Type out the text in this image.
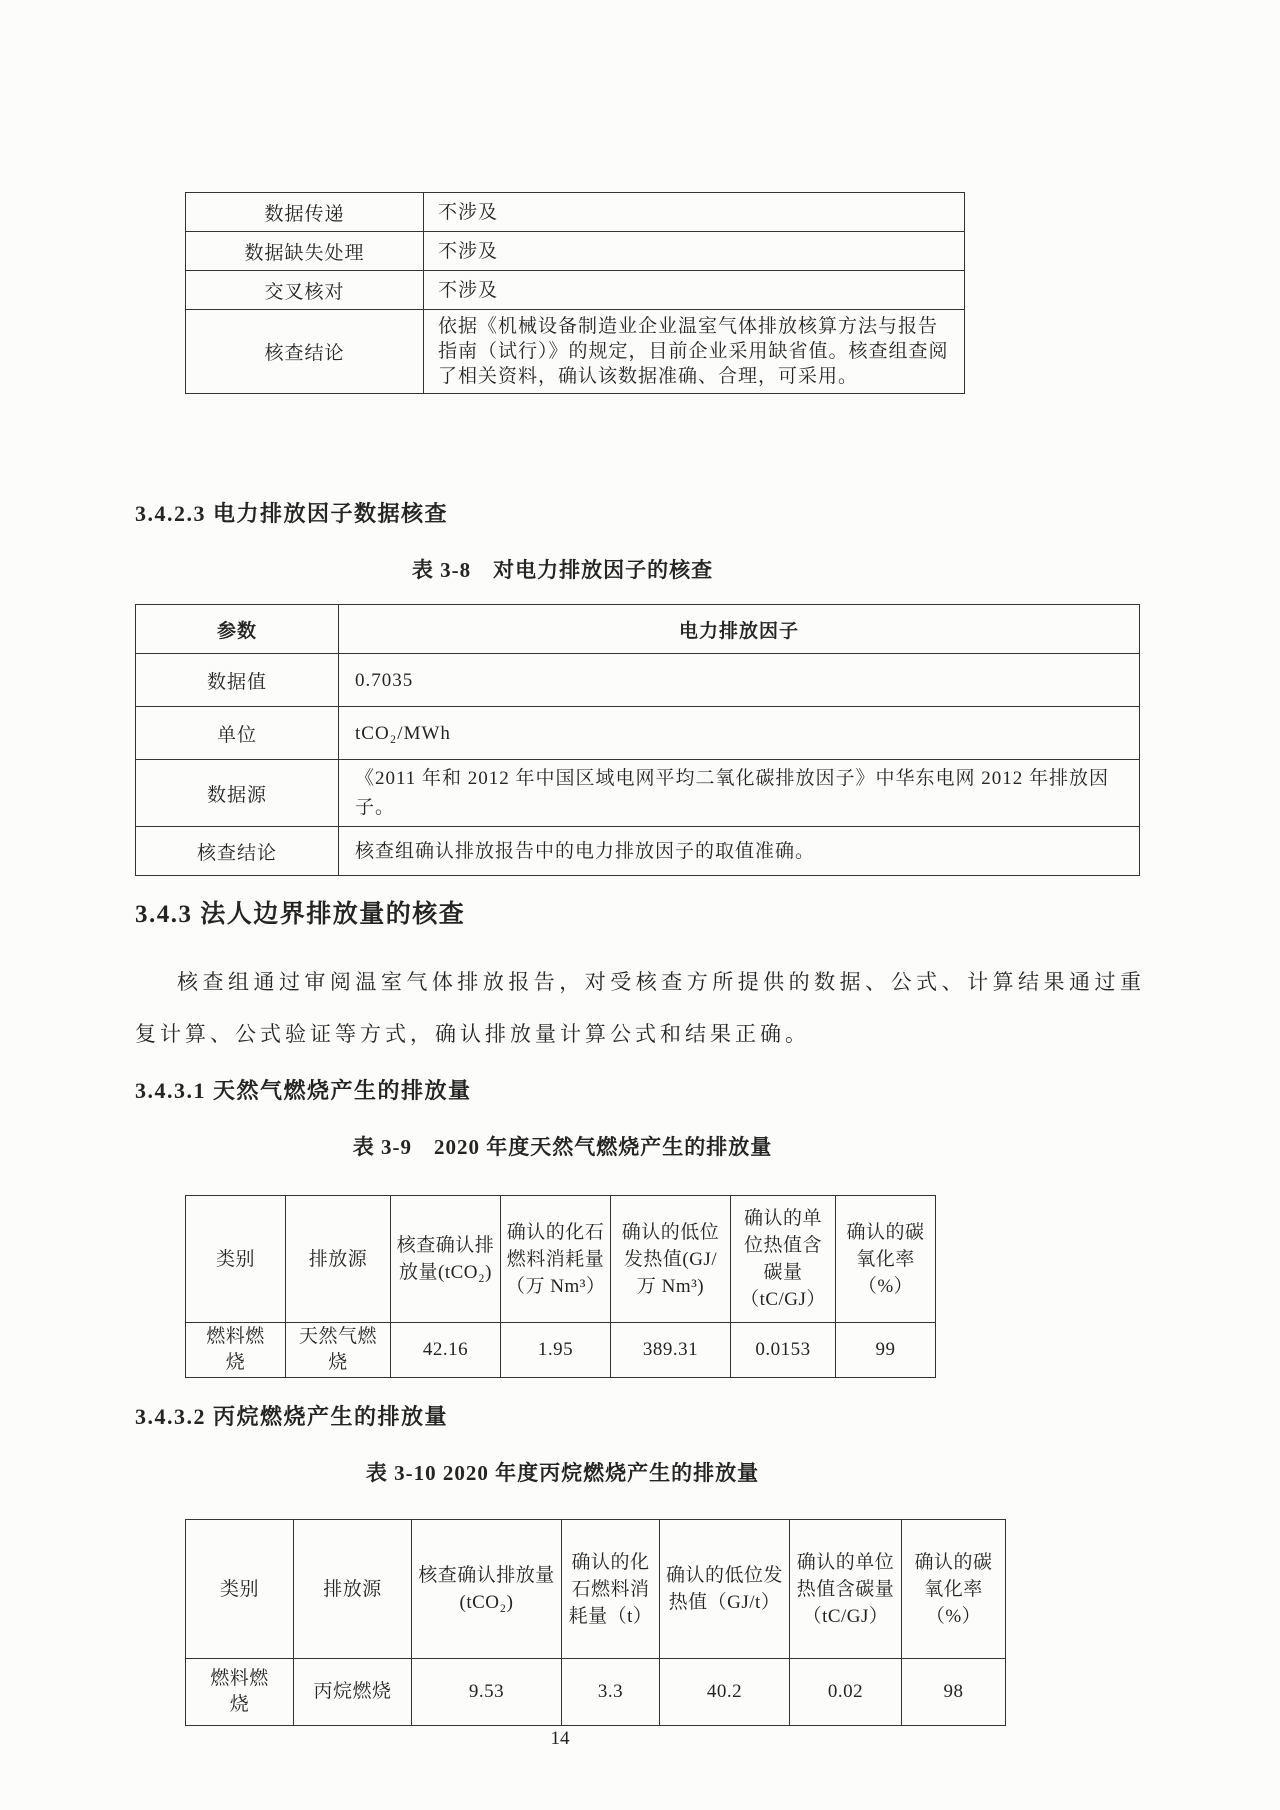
数据传递	不涉及
数据缺失处理	不涉及
交叉核对	不涉及
核查结论	依据《机械设备制造业企业温室气体排放核算方法与报告指南（试行）》的规定，目前企业采用缺省值。核查组查阅了相关资料，确认该数据准确、合理，可采用。
3.4.2.3 电力排放因子数据核查
表 3-8　对电力排放因子的核查
参数	电力排放因子
数据值	0.7035
单位	tCO₂/MWh
数据源	《2011 年和 2012 年中国区域电网平均二氧化碳排放因子》中华东电网 2012 年排放因子。
核查结论	核查组确认排放报告中的电力排放因子的取值准确。
3.4.3 法人边界排放量的核查

核查组通过审阅温室气体排放报告，对受核查方所提供的数据、公式、计算结果通过重复计算、公式验证等方式，确认排放量计算公式和结果正确。

3.4.3.1 天然气燃烧产生的排放量
表 3-9　2020 年度天然气燃烧产生的排放量
类别	排放源	核查确认排放量(tCO₂)	确认的化石燃料消耗量（万 Nm³）	确认的低位发热值(GJ/万 Nm³)	确认的单位热值含碳量（tC/GJ）	确认的碳氧化率（%）
燃料燃烧	天然气燃烧	42.16	1.95	389.31	0.0153	99
3.4.3.2 丙烷燃烧产生的排放量
表 3-10 2020 年度丙烷燃烧产生的排放量
类别	排放源	核查确认排放量(tCO₂)	确认的化石燃料消耗量（t）	确认的低位发热值（GJ/t）	确认的单位热值含碳量（tC/GJ）	确认的碳氧化率（%）
燃料燃烧	丙烷燃烧	9.53	3.3	40.2	0.02	98
14
